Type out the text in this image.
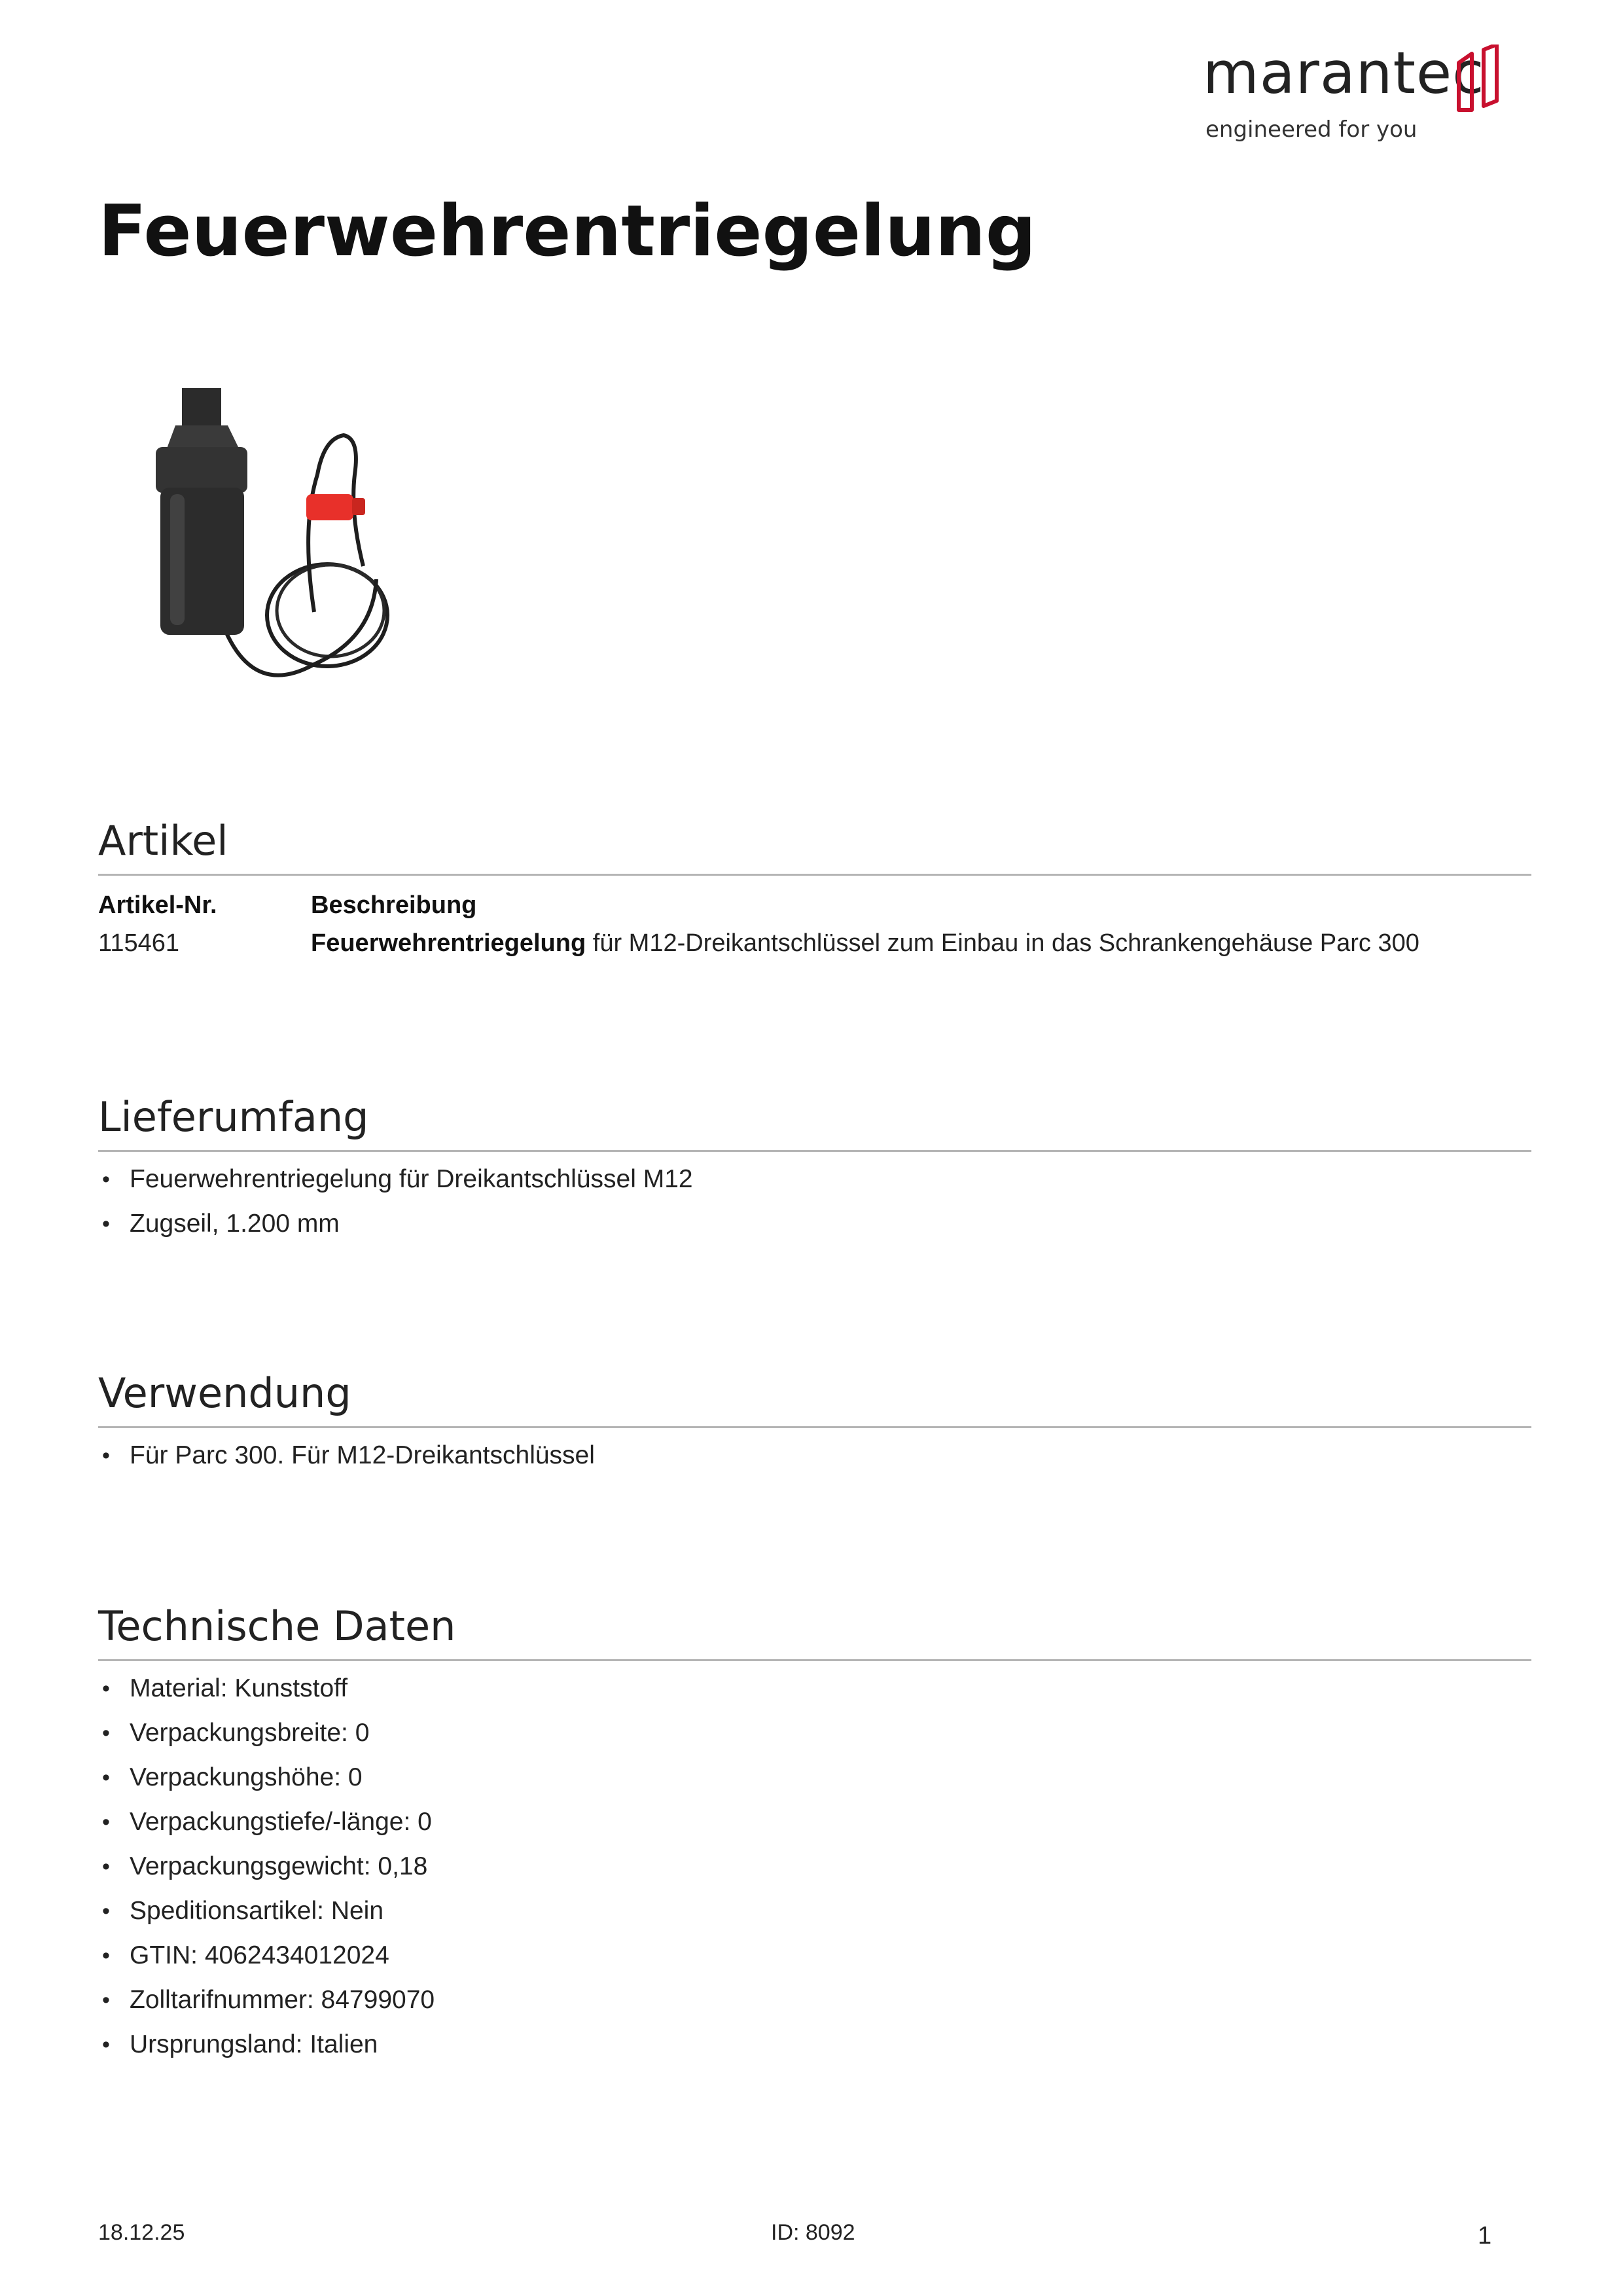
marantec
engineered for you
Feuerwehrentriegelung
Artikel
Artikel-Nr.	Beschreibung
115461	Feuerwehrentriegelung für M12-Dreikantschlüssel zum Einbau in das Schrankengehäuse Parc 300
Lieferumfang
• Feuerwehrentriegelung für Dreikantschlüssel M12
• Zugseil, 1.200 mm
Verwendung
• Für Parc 300. Für M12-Dreikantschlüssel
Technische Daten
• Material: Kunststoff
• Verpackungsbreite: 0
• Verpackungshöhe: 0
• Verpackungstiefe/-länge: 0
• Verpackungsgewicht: 0,18
• Speditionsartikel: Nein
• GTIN: 4062434012024
• Zolltarifnummer: 84799070
• Ursprungsland: Italien
18.12.25	ID: 8092	1
